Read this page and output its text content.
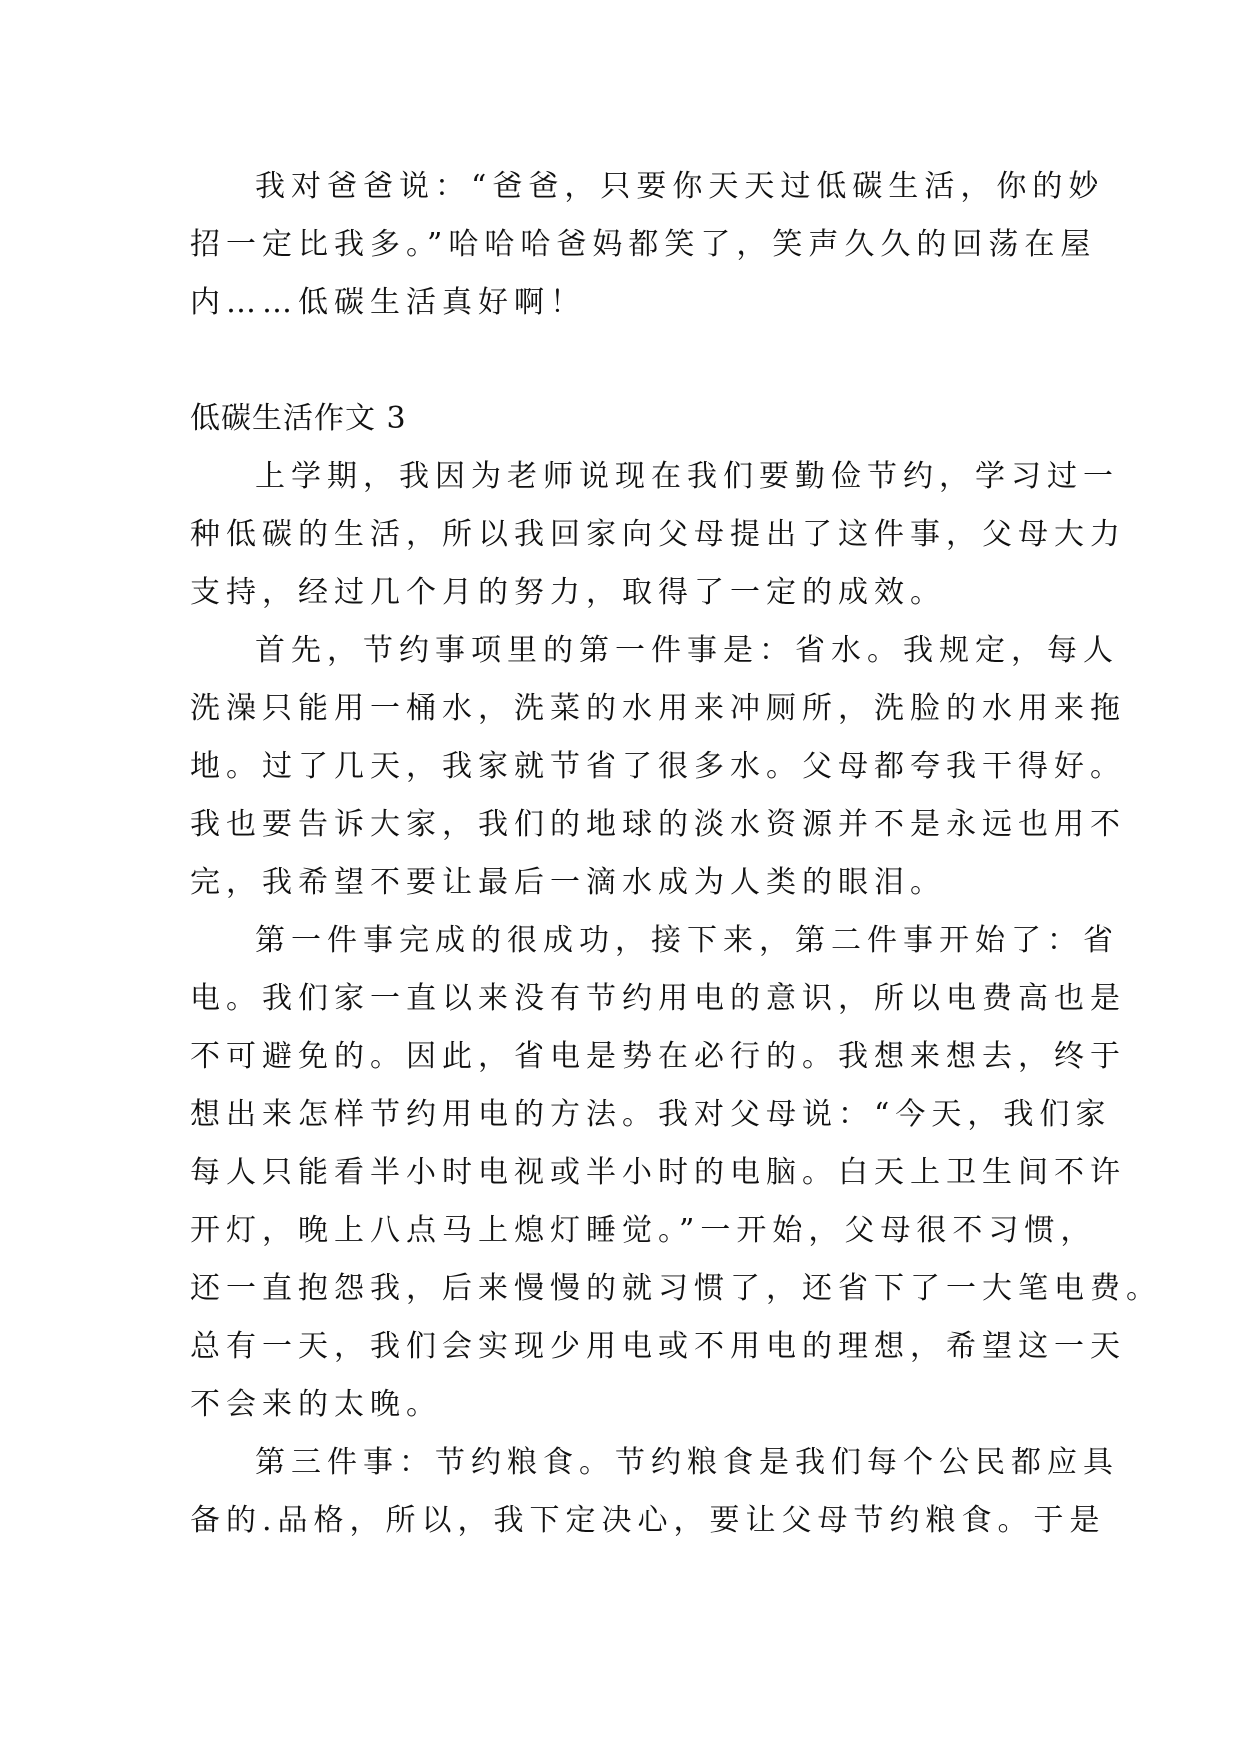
我对爸爸说：“爸爸，只要你天天过低碳生活，你的妙
招一定比我多。”哈哈哈爸妈都笑了，笑声久久的回荡在屋
内……低碳生活真好啊！
低碳生活作文 3
上学期，我因为老师说现在我们要勤俭节约，学习过一
种低碳的生活，所以我回家向父母提出了这件事，父母大力
支持，经过几个月的努力，取得了一定的成效。
首先，节约事项里的第一件事是：省水。我规定，每人
洗澡只能用一桶水，洗菜的水用来冲厕所，洗脸的水用来拖
地。过了几天，我家就节省了很多水。父母都夸我干得好。
我也要告诉大家，我们的地球的淡水资源并不是永远也用不
完，我希望不要让最后一滴水成为人类的眼泪。
第一件事完成的很成功，接下来，第二件事开始了：省
电。我们家一直以来没有节约用电的意识，所以电费高也是
不可避免的。因此，省电是势在必行的。我想来想去，终于
想出来怎样节约用电的方法。我对父母说：“今天，我们家
每人只能看半小时电视或半小时的电脑。白天上卫生间不许
开灯，晚上八点马上熄灯睡觉。”一开始，父母很不习惯，
还一直抱怨我，后来慢慢的就习惯了，还省下了一大笔电费。
总有一天，我们会实现少用电或不用电的理想，希望这一天
不会来的太晚。
第三件事：节约粮食。节约粮食是我们每个公民都应具
备的.品格，所以，我下定决心，要让父母节约粮食。于是
